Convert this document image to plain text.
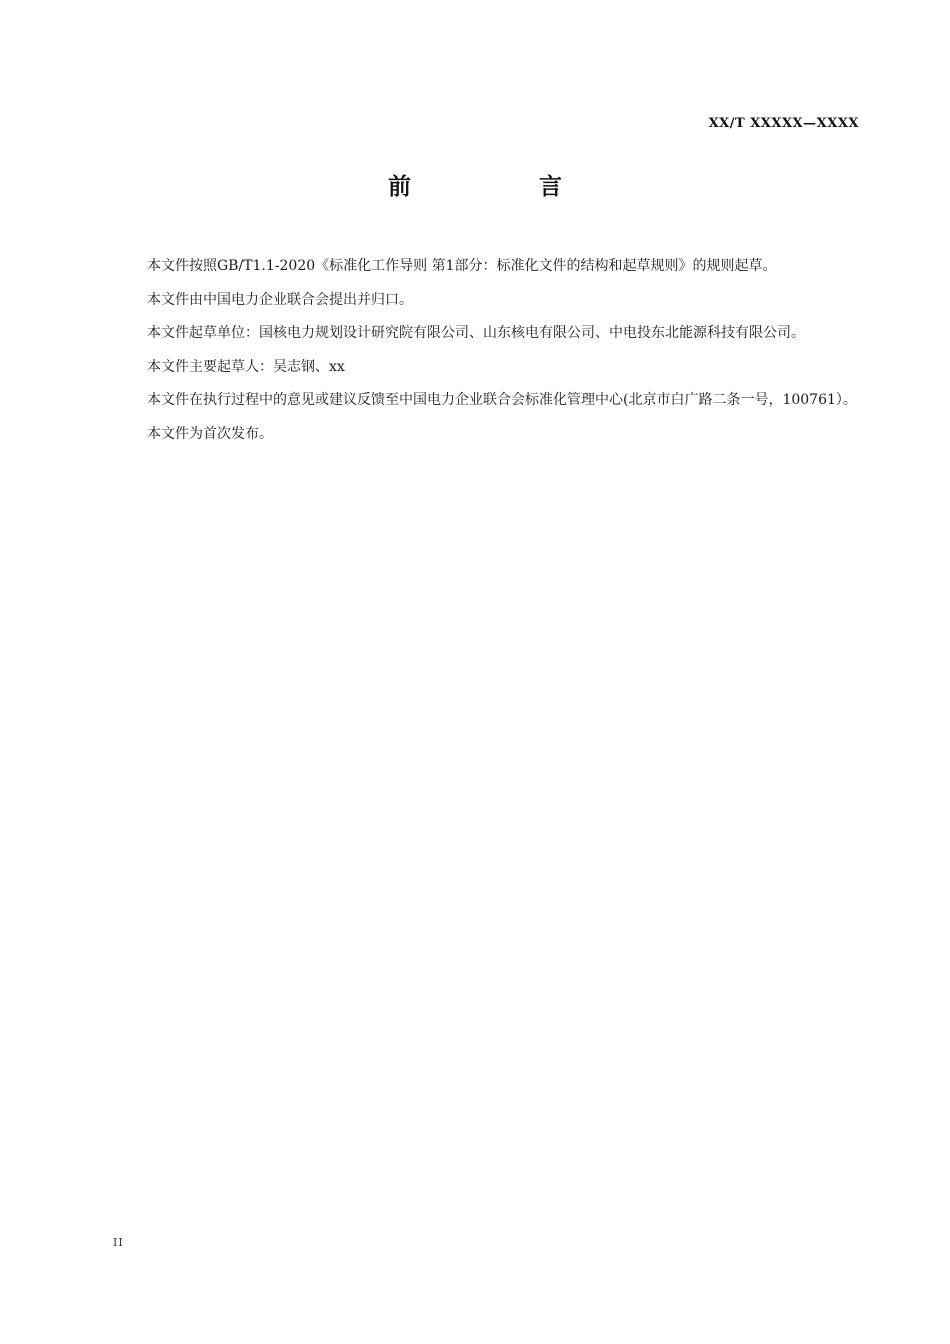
XX/T XXXXX—XXXX
前 言

本文件按照GB/T1.1-2020《标准化工作导则 第1部分：标准化文件的结构和起草规则》的规则起草。

本文件由中国电力企业联合会提出并归口。

本文件起草单位：国核电力规划设计研究院有限公司、山东核电有限公司、中电投东北能源科技有限公司。

本文件主要起草人：吴志钢、xx

本文件在执行过程中的意见或建议反馈至中国电力企业联合会标准化管理中心(北京市白广路二条一号，100761）。

本文件为首次发布。

II
